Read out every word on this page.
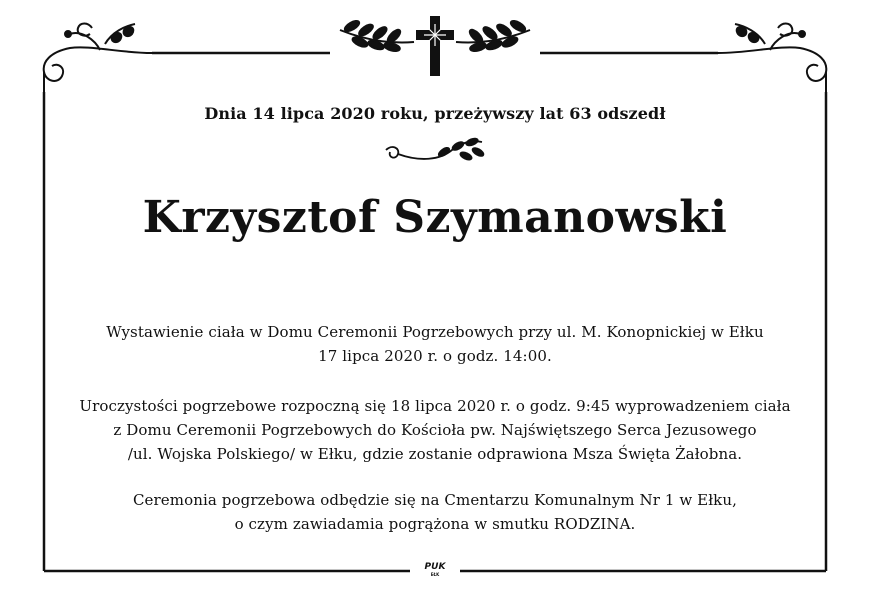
Dnia 14 lipca 2020 roku, przeżywszy lat 63 odszedł
Krzysztof Szymanowski
Wystawienie ciała w Domu Ceremonii Pogrzebowych przy ul. M. Konopnickiej w Ełku
17 lipca 2020 r. o godz. 14:00.
Uroczystości pogrzebowe rozpoczną się 18 lipca 2020 r. o godz. 9:45 wyprowadzeniem ciała
z Domu Ceremonii Pogrzebowych do Kościoła pw. Najświętszego Serca Jezusowego
/ul. Wojska Polskiego/ w Ełku, gdzie zostanie odprawiona Msza Święta Żałobna.
Ceremonia pogrzebowa odbędzie się na Cmentarzu Komunalnym Nr 1 w Ełku,
o czym zawiadamia pogrążona w smutku RODZINA.
PUK
EŁK
